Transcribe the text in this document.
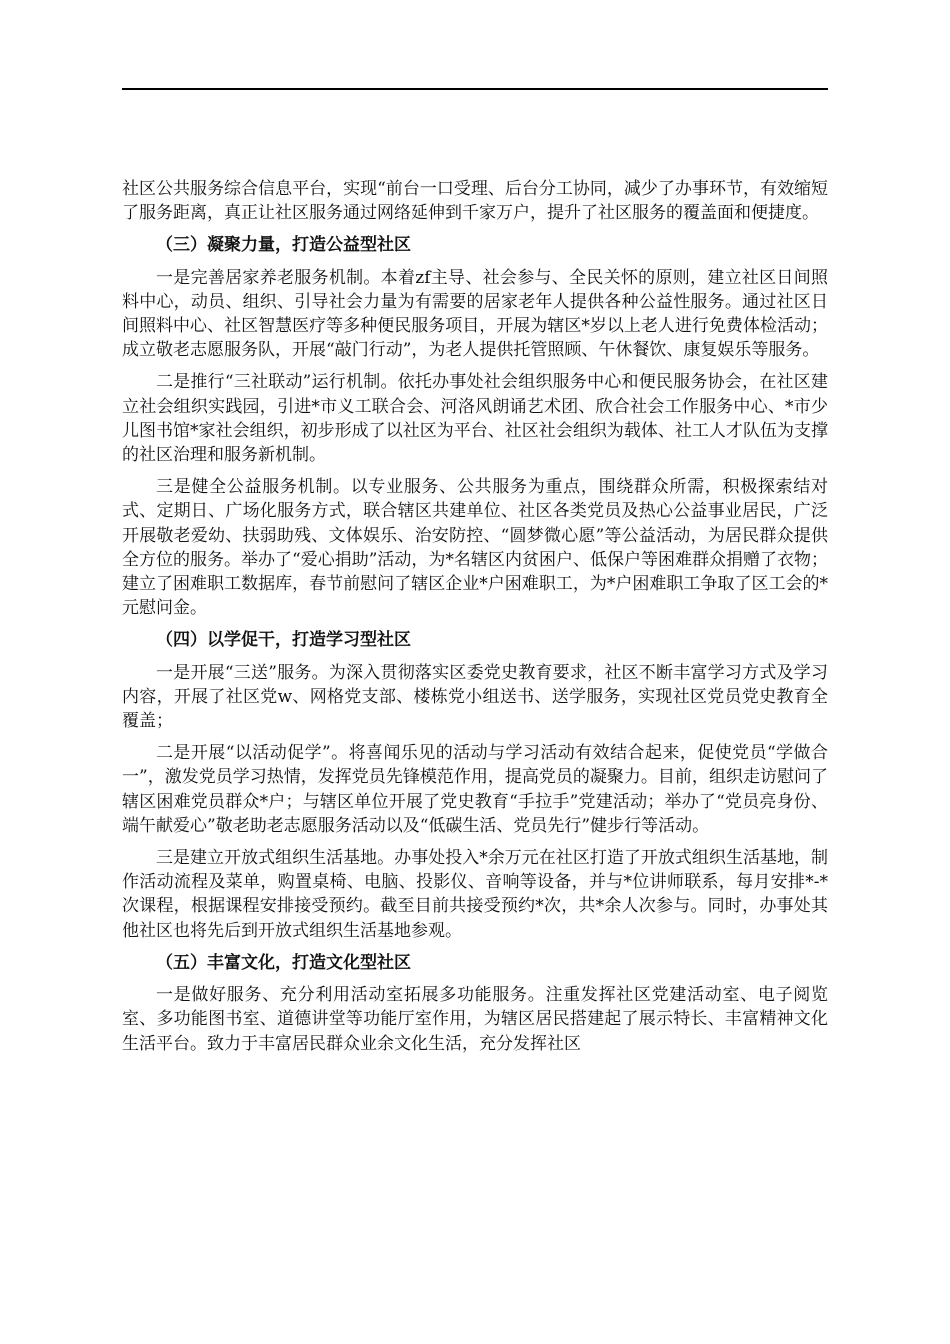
社区公共服务综合信息平台，实现“前台一口受理、后台分工协同，减少了办事环节，有效缩短了服务距离，真正让社区服务通过网络延伸到千家万户，提升了社区服务的覆盖面和便捷度。

（三）凝聚力量，打造公益型社区

一是完善居家养老服务机制。本着zf主导、社会参与、全民关怀的原则，建立社区日间照料中心，动员、组织、引导社会力量为有需要的居家老年人提供各种公益性服务。通过社区日间照料中心、社区智慧医疗等多种便民服务项目，开展为辖区*岁以上老人进行免费体检活动；成立敬老志愿服务队，开展“敲门行动”，为老人提供托管照顾、午休餐饮、康复娱乐等服务。

二是推行“三社联动”运行机制。依托办事处社会组织服务中心和便民服务协会，在社区建立社会组织实践园，引进*市义工联合会、河洛风朗诵艺术团、欣合社会工作服务中心、*市少儿图书馆*家社会组织，初步形成了以社区为平台、社区社会组织为载体、社工人才队伍为支撑的社区治理和服务新机制。

三是健全公益服务机制。以专业服务、公共服务为重点，围绕群众所需，积极探索结对式、定期日、广场化服务方式，联合辖区共建单位、社区各类党员及热心公益事业居民，广泛开展敬老爱幼、扶弱助残、文体娱乐、治安防控、“圆梦微心愿”等公益活动，为居民群众提供全方位的服务。举办了“爱心捐助”活动，为*名辖区内贫困户、低保户等困难群众捐赠了衣物；建立了困难职工数据库，春节前慰问了辖区企业*户困难职工，为*户困难职工争取了区工会的*元慰问金。

（四）以学促干，打造学习型社区

一是开展“三送”服务。为深入贯彻落实区委党史教育要求，社区不断丰富学习方式及学习内容，开展了社区党w、网格党支部、楼栋党小组送书、送学服务，实现社区党员党史教育全覆盖；

二是开展“以活动促学”。将喜闻乐见的活动与学习活动有效结合起来，促使党员“学做合一”，激发党员学习热情，发挥党员先锋模范作用，提高党员的凝聚力。目前，组织走访慰问了辖区困难党员群众*户；与辖区单位开展了党史教育“手拉手”党建活动；举办了“党员亮身份、端午献爱心”敬老助老志愿服务活动以及“低碳生活、党员先行”健步行等活动。

三是建立开放式组织生活基地。办事处投入*余万元在社区打造了开放式组织生活基地，制作活动流程及菜单，购置桌椅、电脑、投影仪、音响等设备，并与*位讲师联系，每月安排*-*次课程，根据课程安排接受预约。截至目前共接受预约*次，共*余人次参与。同时，办事处其他社区也将先后到开放式组织生活基地参观。

（五）丰富文化，打造文化型社区

一是做好服务、充分利用活动室拓展多功能服务。注重发挥社区党建活动室、电子阅览室、多功能图书室、道德讲堂等功能厅室作用，为辖区居民搭建起了展示特长、丰富精神文化生活平台。致力于丰富居民群众业余文化生活，充分发挥社区
